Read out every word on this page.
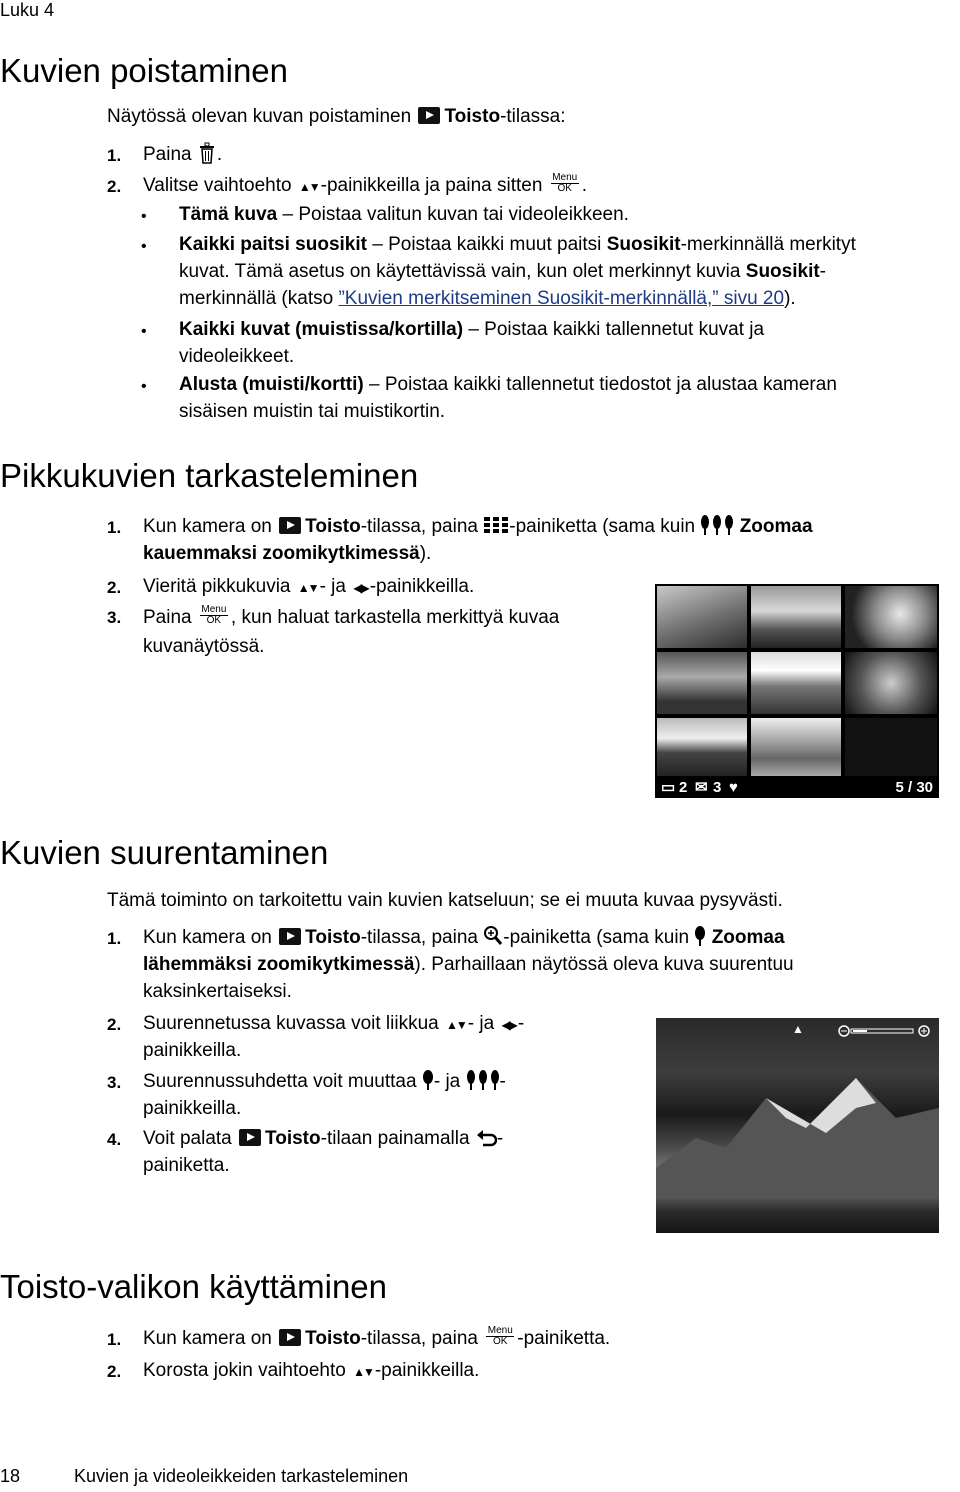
Luku 4
Kuvien poistaminen
Näytössä olevan kuvan poistaminen Toisto-tilassa:
1. Paina .
2. Valitse vaihtoehto ▲▼ -painikkeilla ja paina sitten Menu
OK .
• Tämä kuva – Poistaa valitun kuvan tai videoleikkeen.
• Kaikki paitsi suosikit – Poistaa kaikki muut paitsi Suosikit-merkinnällä merkityt
kuvat. Tämä asetus on käytettävissä vain, kun olet merkinnyt kuvia Suosikit-
merkinnällä (katso ”Kuvien merkitseminen Suosikit-merkinnällä,” sivu 20).
• Kaikki kuvat (muistissa/kortilla) – Poistaa kaikki tallennetut kuvat ja
videoleikkeet.
• Alusta (muisti/kortti) – Poistaa kaikki tallennetut tiedostot ja alustaa kameran
sisäisen muistin tai muistikortin.
Pikkukuvien tarkasteleminen
1. Kun kamera on Toisto-tilassa, paina -painiketta (sama kuin Zoomaa
kauemmaksi zoomikytkimessä).
2. Vieritä pikkukuvia ▲▼ - ja ◀▶ -painikkeilla.
3. Paina Menu
OK , kun haluat tarkastella merkittyä kuvaa
kuvanäytössä.
▭ 2 ✉ 3 ♥	5 / 30
Kuvien suurentaminen
Tämä toiminto on tarkoitettu vain kuvien katseluun; se ei muuta kuvaa pysyvästi.
1. Kun kamera on Toisto-tilassa, paina -painiketta (sama kuin Zoomaa
lähemmäksi zoomikytkimessä). Parhaillaan näytössä oleva kuva suurentuu
kaksinkertaiseksi.
2. Suurennetussa kuvassa voit liikkua ▲▼ - ja ◀▶ -
painikkeilla.
3. Suurennussuhdetta voit muuttaa - ja -
painikkeilla.
4. Voit palata Toisto-tilaan painamalla -
painiketta.
▲
Toisto-valikon käyttäminen
1. Kun kamera on Toisto-tilassa, paina Menu
OK -painiketta.
2. Korosta jokin vaihtoehto ▲▼ -painikkeilla.
18	Kuvien ja videoleikkeiden tarkasteleminen
